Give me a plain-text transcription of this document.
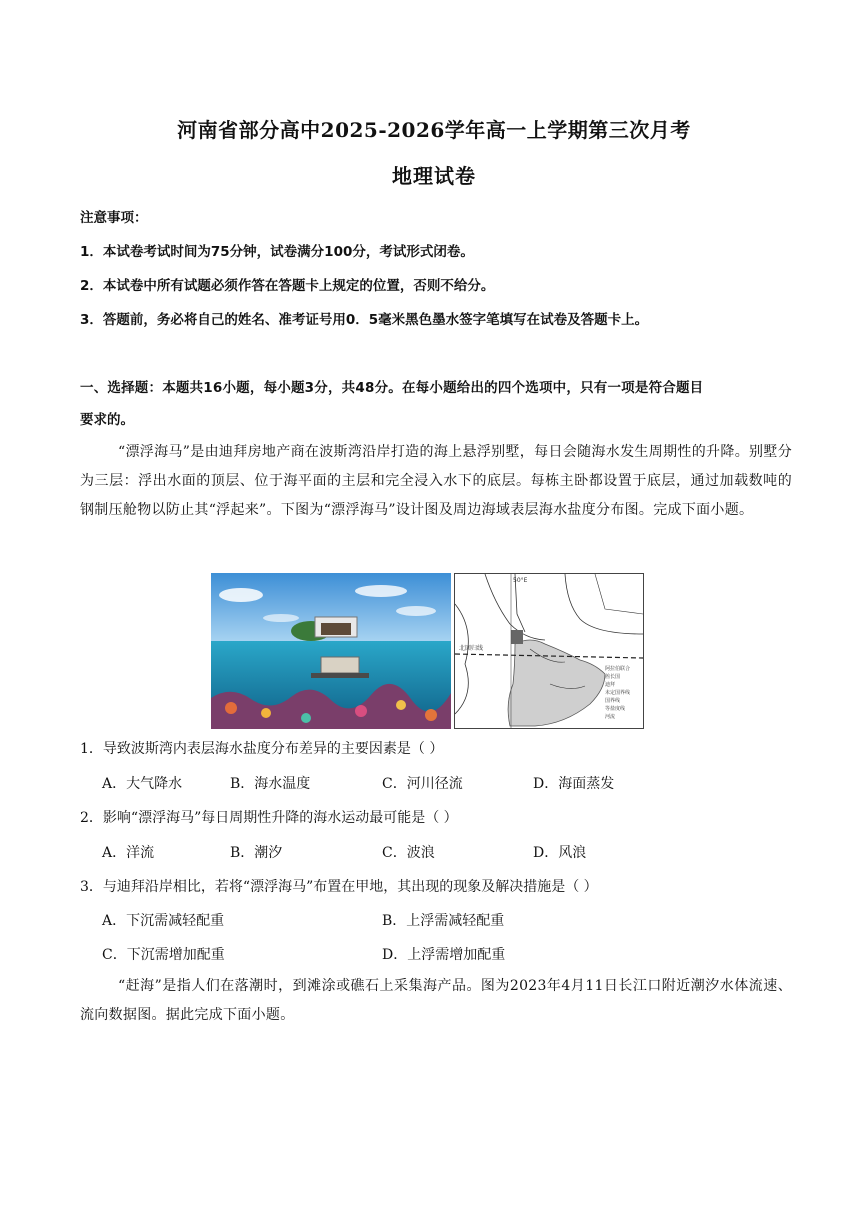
河南省部分高中2025-2026学年高一上学期第三次月考
地理试卷
注意事项：
1．本试卷考试时间为75分钟，试卷满分100分，考试形式闭卷。
2．本试卷中所有试题必须作答在答题卡上规定的位置，否则不给分。
3．答题前，务必将自己的姓名、准考证号用0．5毫米黑色墨水签字笔填写在试卷及答题卡上。
一、选择题：本题共16小题，每小题3分，共48分。在每小题给出的四个选项中，只有一项是符合题目
要求的。
“漂浮海马”是由迪拜房地产商在波斯湾沿岸打造的海上悬浮别墅，每日会随海水发生周期性的升降。别墅分为三层：浮出水面的顶层、位于海平面的主层和完全浸入水下的底层。每栋主卧都设置于底层，通过加载数吨的钢制压舱物以防止其“浮起来”。下图为“漂浮海马”设计图及周边海域表层海水盐度分布图。完成下面小题。
50°E
北回归线
阿拉伯联合
酋长国
迪拜
未定国界线
国界线
等盐度线
河流
1．导致波斯湾内表层海水盐度分布差异的主要因素是（ ）
A．大气降水	B．海水温度	C．河川径流	D．海面蒸发
2．影响“漂浮海马”每日周期性升降的海水运动最可能是（ ）
A．洋流	B．潮汐	C．波浪	D．风浪
3．与迪拜沿岸相比，若将“漂浮海马”布置在甲地，其出现的现象及解决措施是（ ）
A．下沉需减轻配重	B．上浮需减轻配重
C．下沉需增加配重	D．上浮需增加配重
“赶海”是指人们在落潮时，到滩涂或礁石上采集海产品。图为2023年4月11日长江口附近潮汐水体流速、流向数据图。据此完成下面小题。
